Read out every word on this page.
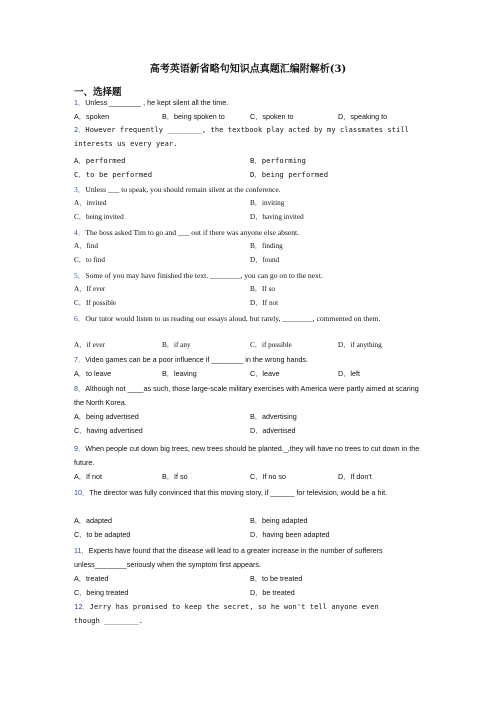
高考英语新省略句知识点真题汇编附解析(3)
一、选择题
1．Unless ________ , he kept silent all the time.
A．spoken	B．being spoken to	C．spoken to	D．speaking to
2．However frequently ________, the textbook play acted by my classmates still interests us every year.
A．performed	B．performing
C．to be performed	D．being performed
3．Unless ___ to speak, you should remain silent at the conference.
A．invited	B．inviting
C．being invited	D．having invited
4．The boss asked Tim to go and ___ out if there was anyone else absent.
A．find	B．finding
C．to find	D．found
5．Some of you may have finished the text. ________, you can go on to the next.
A．If ever	B．If so
C．If possible	D．If not
6．Our tutor would listen to us reading our essays aloud, but rarely, ________, commented on them.
A．if ever	B．if any	C．if possible	D．if anything
7．Video games can be a poor influence if ________ in the wrong hands.
A．to leave	B．leaving	C．leave	D．left
8．Although not ____as such, those large-scale military exercises with America were partly aimed at scaring the North Korea.
A．being advertised	B．advertising
C．having advertised	D．advertised
9．When people cut down big trees, new trees should be planted._,they will have no trees to cut down in the future.
A．If not	B．If so	C．If no so	D．If don't
10．The director was fully convinced that this moving story, if ______ for television, would be a hit.
A．adapted	B．being adapted
C．to be adapted	D．having been adapted
11．Experts have found that the disease will lead to a greater increase in the number of sufferers unless________seriously when the symptom first appears.
A．treated	B．to be treated
C．being treated	D．be treated
12．Jerry has promised to keep the secret, so he won't tell anyone even though ________.
